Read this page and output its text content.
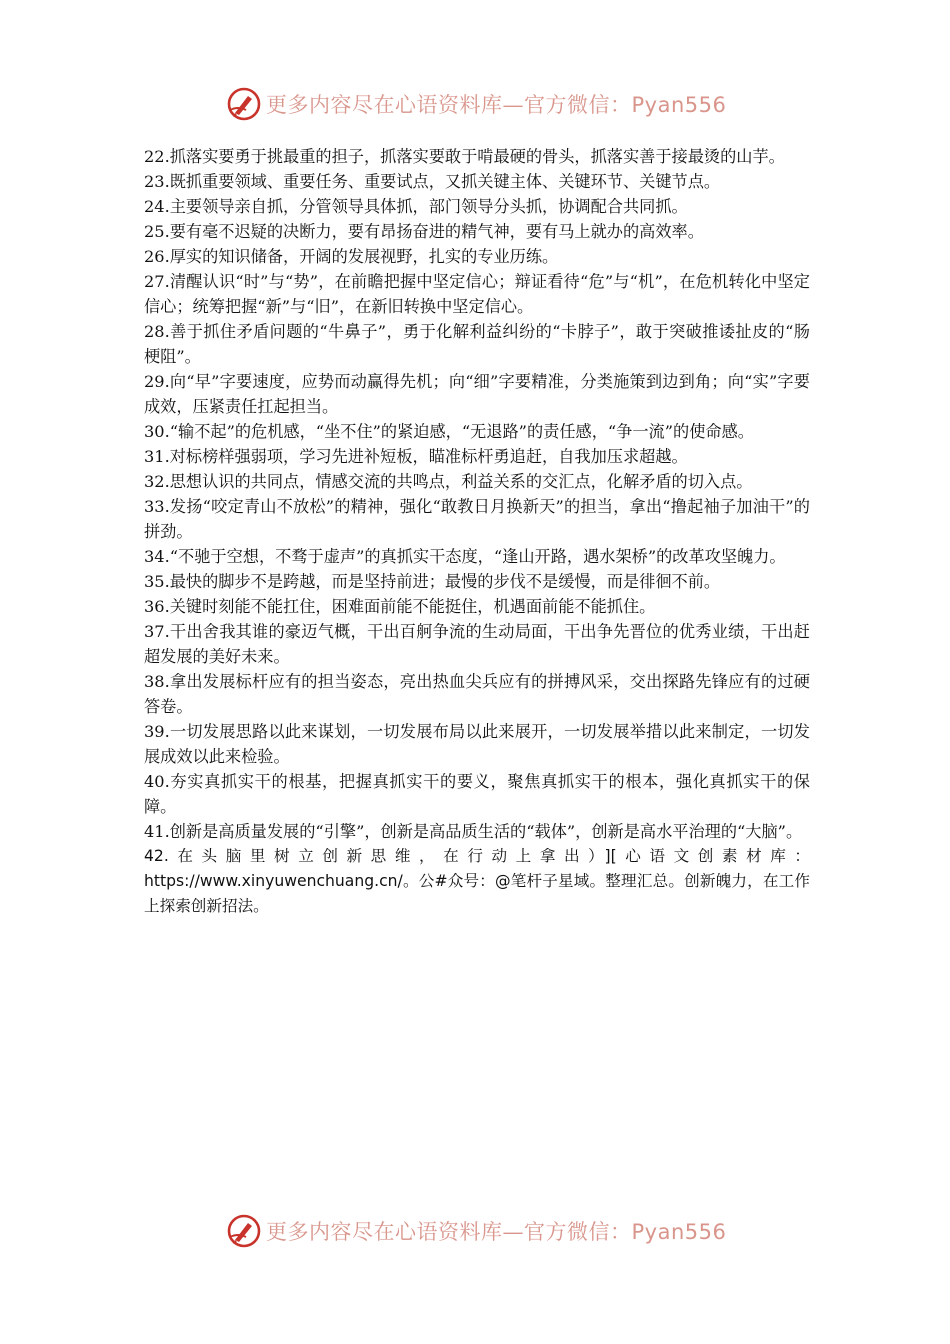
更多内容尽在心语资料库—官方微信：Pyan556

22.抓落实要勇于挑最重的担子，抓落实要敢于啃最硬的骨头，抓落实善于接最烫的山芋。

23.既抓重要领域、重要任务、重要试点，又抓关键主体、关键环节、关键节点。

24.主要领导亲自抓，分管领导具体抓，部门领导分头抓，协调配合共同抓。

25.要有毫不迟疑的决断力，要有昂扬奋进的精气神，要有马上就办的高效率。

26.厚实的知识储备，开阔的发展视野，扎实的专业历练。

27.清醒认识“时”与“势”，在前瞻把握中坚定信心；辩证看待“危”与“机”，在危机转化中坚定信心；统筹把握“新”与“旧”，在新旧转换中坚定信心。

28.善于抓住矛盾问题的“牛鼻子”，勇于化解利益纠纷的“卡脖子”，敢于突破推诿扯皮的“肠梗阻”。

29.向“早”字要速度，应势而动赢得先机；向“细”字要精准，分类施策到边到角；向“实”字要成效，压紧责任扛起担当。

30.“输不起”的危机感，“坐不住”的紧迫感，“无退路”的责任感，“争一流”的使命感。

31.对标榜样强弱项，学习先进补短板，瞄准标杆勇追赶，自我加压求超越。

32.思想认识的共同点，情感交流的共鸣点，利益关系的交汇点，化解矛盾的切入点。

33.发扬“咬定青山不放松”的精神，强化“敢教日月换新天”的担当，拿出“撸起袖子加油干”的拼劲。

34.“不驰于空想，不骛于虚声”的真抓实干态度，“逢山开路，遇水架桥”的改革攻坚魄力。

35.最快的脚步不是跨越，而是坚持前进；最慢的步伐不是缓慢，而是徘徊不前。

36.关键时刻能不能扛住，困难面前能不能挺住，机遇面前能不能抓住。

37.干出舍我其谁的豪迈气概，干出百舸争流的生动局面，干出争先晋位的优秀业绩，干出赶超发展的美好未来。

38.拿出发展标杆应有的担当姿态，亮出热血尖兵应有的拼搏风采，交出探路先锋应有的过硬答卷。

39.一切发展思路以此来谋划，一切发展布局以此来展开，一切发展举措以此来制定，一切发展成效以此来检验。

40.夯实真抓实干的根基，把握真抓实干的要义，聚焦真抓实干的根本，强化真抓实干的保障。

41.创新是高质量发展的“引擎”，创新是高品质生活的“载体”，创新是高水平治理的“大脑”。

42.在头脑里树立创新思维，在行动上拿出）][心语文创素材库：https://www.xinyuwenchuang.cn/。公#众号：@笔杆子星域。整理汇总。创新魄力，在工作上探索创新招法。

更多内容尽在心语资料库—官方微信：Pyan556
